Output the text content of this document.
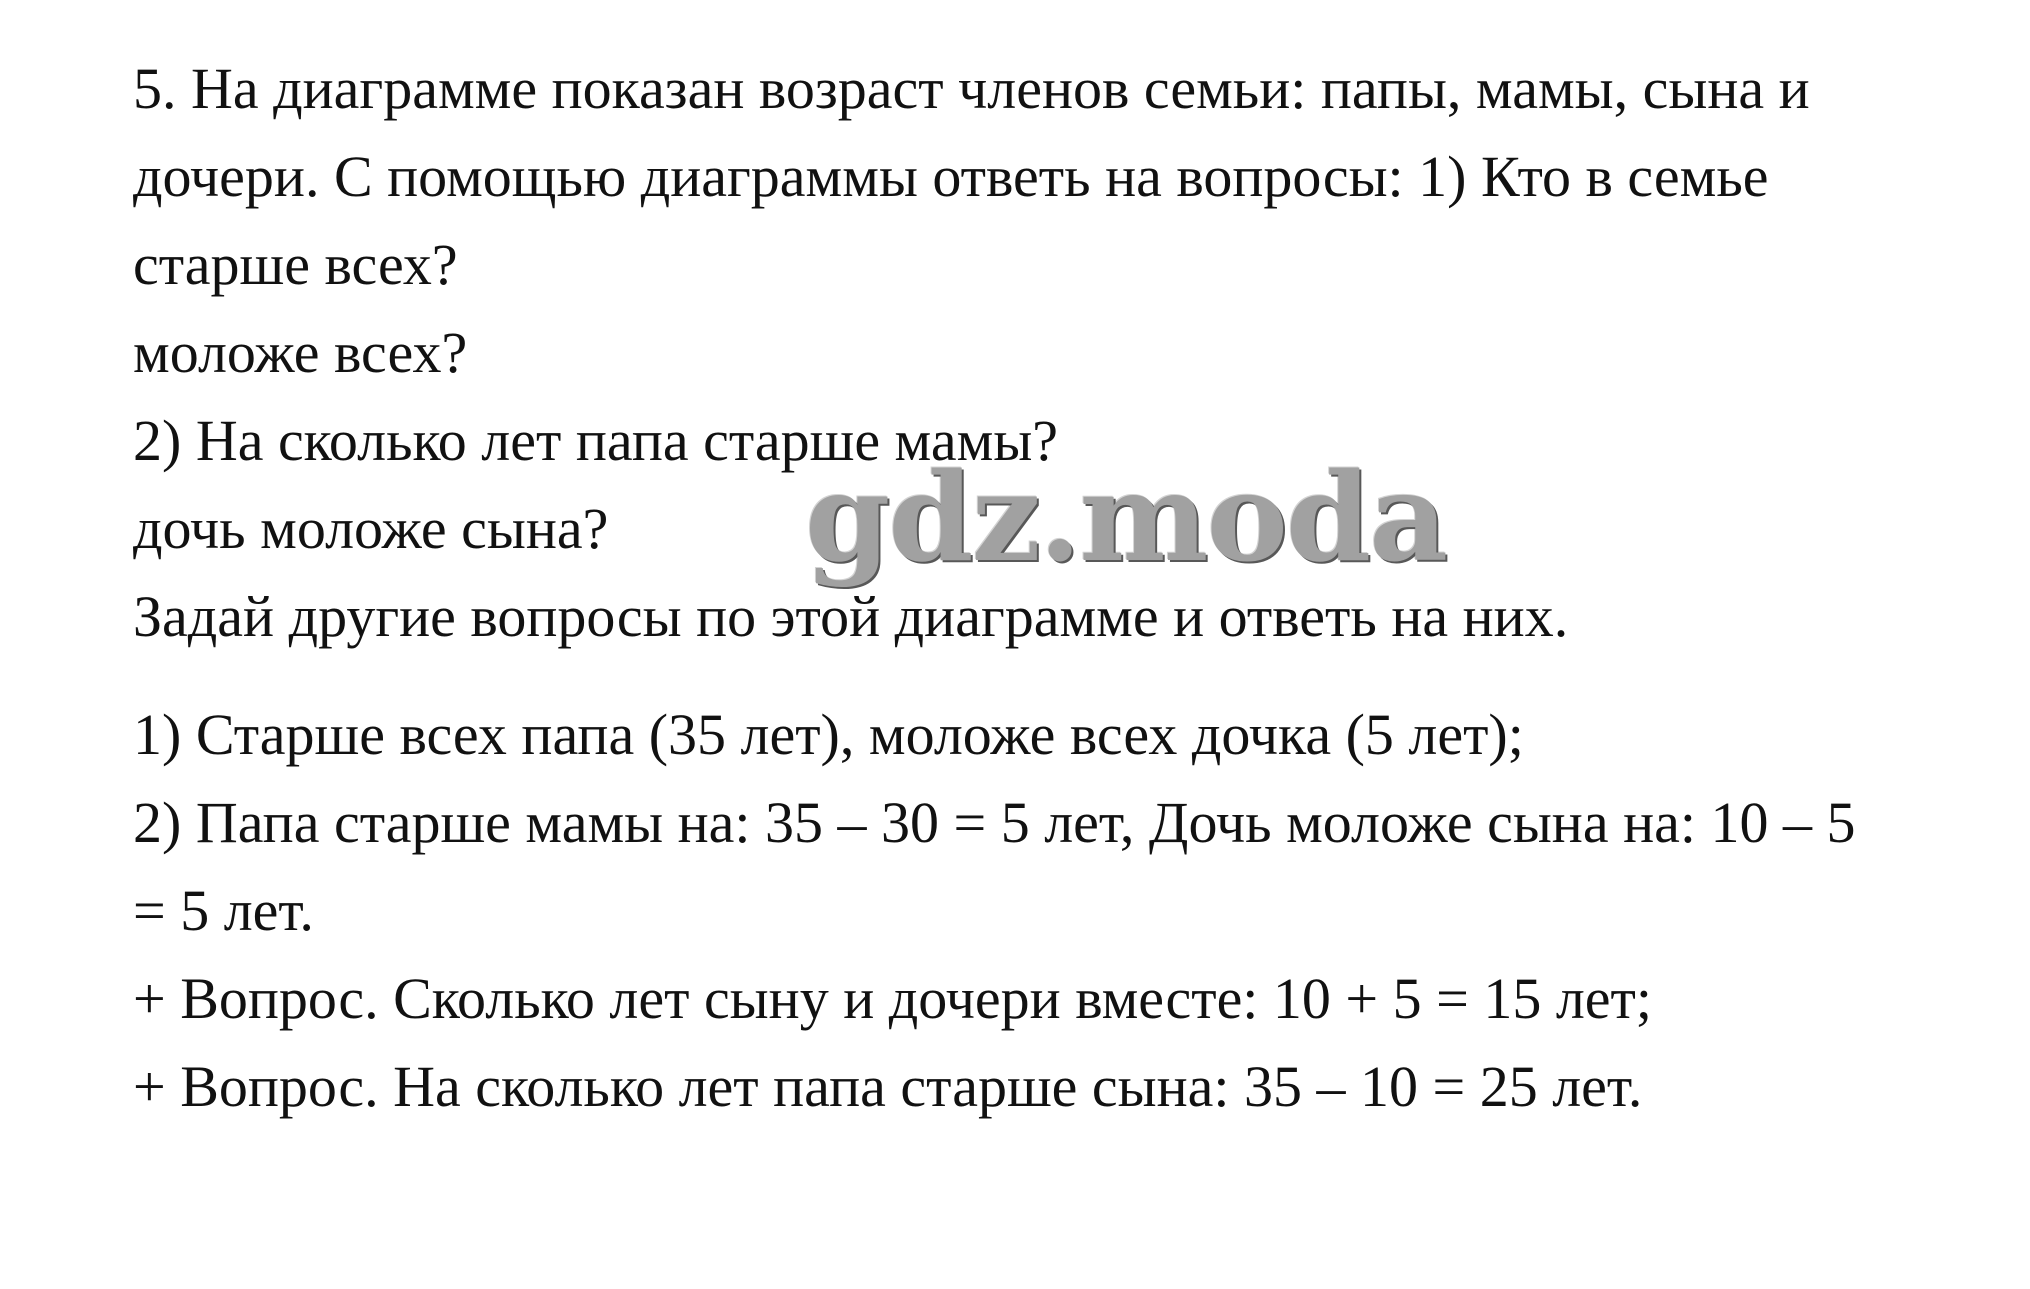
5. На диаграмме показан возраст членов семьи: папы, мамы, сына и

дочери. С помощью диаграммы ответь на вопросы: 1) Кто в семье

старше всех?

моложе всех?

2) На сколько лет папа старше мамы?

дочь моложе сына?

Задай другие вопросы по этой диаграмме и ответь на них.

gdz.moda

1) Старше всех папа (35 лет), моложе всех дочка (5 лет);

2) Папа старше мамы на: 35 – 30 = 5 лет, Дочь моложе сына на: 10 – 5

= 5 лет.

+ Вопрос. Сколько лет сыну и дочери вместе: 10 + 5 = 15 лет;

+ Вопрос. На сколько лет папа старше сына: 35 – 10 = 25 лет.
